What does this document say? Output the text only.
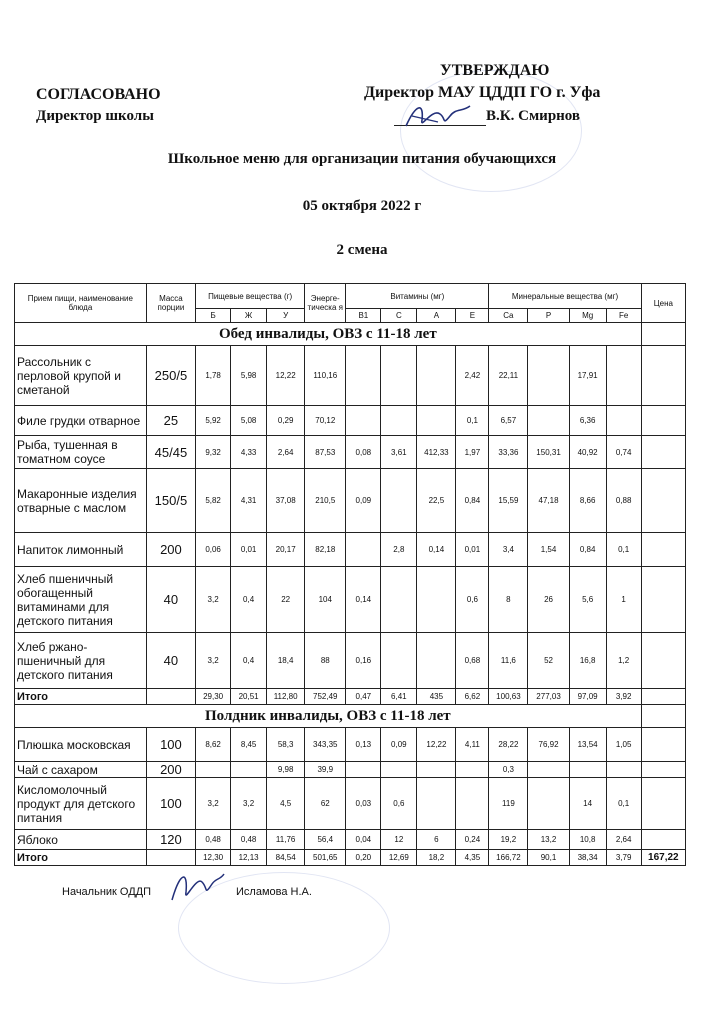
СОГЛАСОВАНО
Директор школы
УТВЕРЖДАЮ
Директор МАУ ЦДДП ГО г. Уфа
В.К. Смирнов
Школьное меню для организации питания обучающихся
05 октября 2022 г
2 смена
Прием пищи, наименование блюда	Масса порции	Пищевые вещества (г)			Энерге-тическа я	Витамины (мг)				Минеральные вещества (мг)				Цена
		Б	Ж	У		В1	С	А	Е	Ca	P	Mg	Fe	
Обед инвалиды, ОВЗ с 11-18 лет														
Рассольник с перловой крупой и сметаной	250/5	1,78	5,98	12,22	110,16				2,42	22,11		17,91		
Филе грудки отварное	25	5,92	5,08	0,29	70,12				0,1	6,57		6,36		
Рыба, тушенная в томатном соусе	45/45	9,32	4,33	2,64	87,53	0,08	3,61	412,33	1,97	33,36	150,31	40,92	0,74	
Макаронные изделия отварные с маслом	150/5	5,82	4,31	37,08	210,5	0,09		22,5	0,84	15,59	47,18	8,66	0,88	
Напиток лимонный	200	0,06	0,01	20,17	82,18		2,8	0,14	0,01	3,4	1,54	0,84	0,1	
Хлеб пшеничный обогащенный витаминами для детского питания	40	3,2	0,4	22	104	0,14			0,6	8	26	5,6	1	
Хлеб ржано-пшеничный для детского питания	40	3,2	0,4	18,4	88	0,16			0,68	11,6	52	16,8	1,2	
Итого		29,30	20,51	112,80	752,49	0,47	6,41	435	6,62	100,63	277,03	97,09	3,92	
Полдник инвалиды, ОВЗ с 11-18 лет														
Плюшка московская	100	8,62	8,45	58,3	343,35	0,13	0,09	12,22	4,11	28,22	76,92	13,54	1,05	
Чай с сахаром	200			9,98	39,9					0,3				
Кисломолочный продукт для детского питания	100	3,2	3,2	4,5	62	0,03	0,6			119		14	0,1	
Яблоко	120	0,48	0,48	11,76	56,4	0,04	12	6	0,24	19,2	13,2	10,8	2,64	
Итого		12,30	12,13	84,54	501,65	0,20	12,69	18,2	4,35	166,72	90,1	38,34	3,79	167,22
Начальник ОДДП	Исламова Н.А.
